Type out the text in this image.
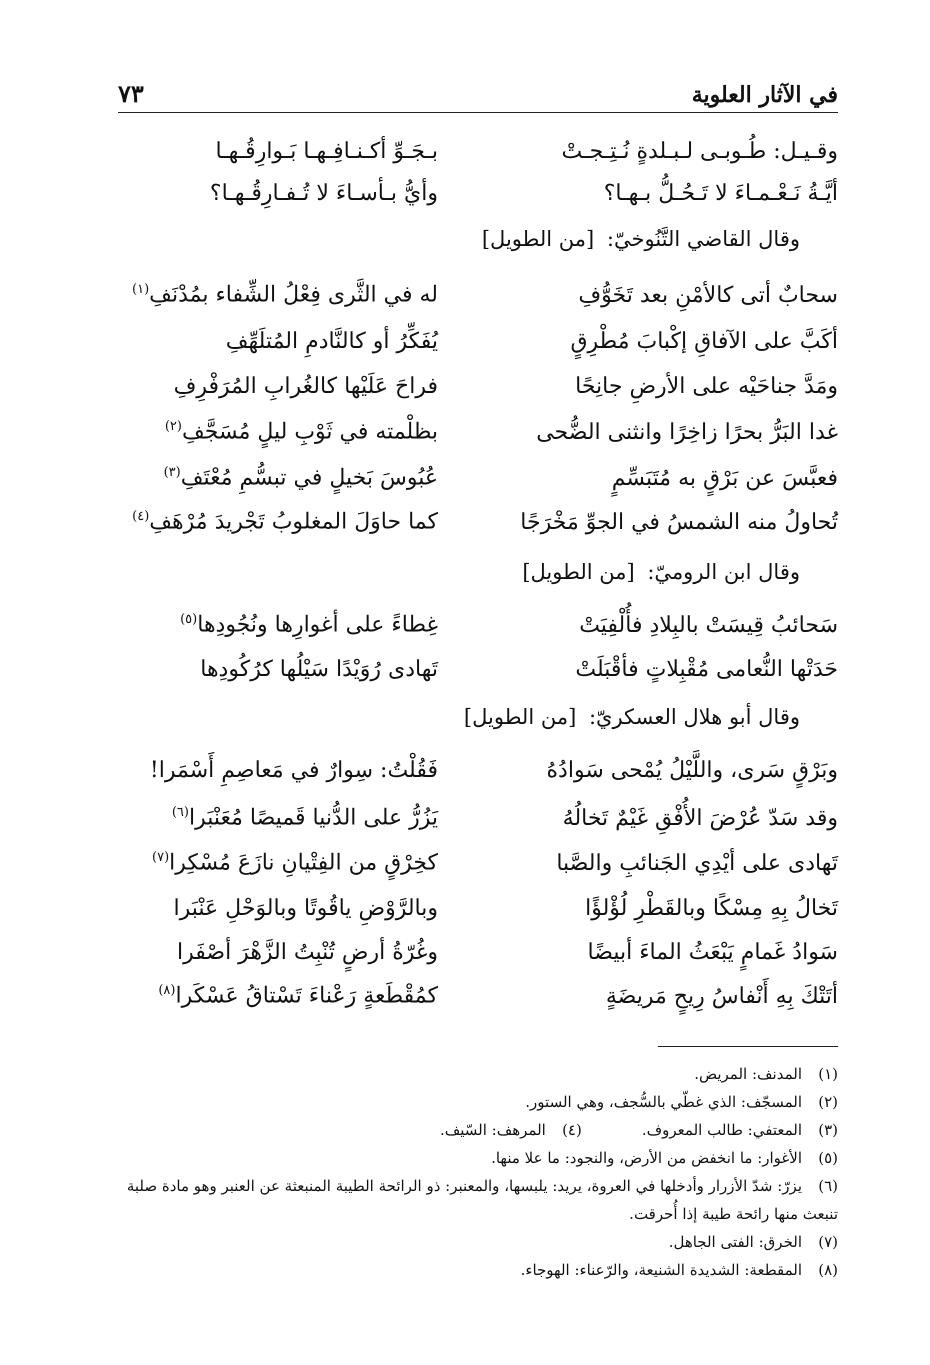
في الآثار العلوية
٧٣
وقـيـل: طُـوبـى لـبـلدةٍ نُـتِـجـتْ
بـجَـوِّ أكـنـافِـهـا بَـوارِقُـهـا
أيَّـةُ نَـعْـمـاءَ لا تَـحُـلُّ بـهـا؟
وأيُّ بـأسـاءَ لا تُـفـارِقُـهـا؟
وقال القاضي التَّنُوخيّ: [من الطويل]
سحابٌ أتى كالأمْنِ بعد تَخَوُّفِ
له في الثَّرى فِعْلُ الشِّفاء بمُدْنَفِ$^{(١)}$
أكَبَّ على الآفاقِ إكْبابَ مُطْرِقٍ
يُفَكِّرُ أو كالنَّادمِ المُتلَهِّفِ
ومَدَّ جناحَيْه على الأرضِ جانِحًا
فراحَ عَلَيْها كالغُرابِ المُرَفْرِفِ
غدا البَرُّ بحرًا زاخِرًا وانثنى الضُّحى
بظلْمته في ثَوْبِ ليلٍ مُسَجَّفِ$^{(٢)}$
فعبَّسَ عن بَرْقٍ به مُتَبَسِّمٍ
عُبُوسَ بَخيلٍ في تبسُّمِ مُعْتَفِ$^{(٣)}$
تُحاولُ منه الشمسُ في الجوِّ مَخْرَجًا
كما حاوَلَ المغلوبُ تَجْريدَ مُرْهَفِ$^{(٤)}$
وقال ابن الروميّ: [من الطويل]
سَحائبُ قِيسَتْ بالبِلادِ فأُلْفِيَتْ
غِطاءً على أغوارِها ونُجُودِها$^{(٥)}$
حَدَتْها النُّعامى مُقْبِلاتٍ فأقْبَلَتْ
تَهادى رُوَيْدًا سَيْلُها كرُكُودِها
وقال أبو هلال العسكريّ: [من الطويل]
وبَرْقٍ سَرى، واللَّيْلُ يُمْحى سَوادُهُ
فَقُلْتُ: سِوارٌ في مَعاصِمِ أَسْمَرا!
وقد سَدّ عُرْضَ الأُفْقِ غَيْمٌ تَخالُهُ
يَزُرُّ على الدُّنيا قَميصًا مُعَنْبَرا$^{(٦)}$
تَهادى على أيْدِي الجَنائبِ والصَّبا
كخِرْقٍ من الفِتْيانِ نازَعَ مُسْكِرا$^{(٧)}$
تَخالُ بِهِ مِسْكًا وبالقَطْرِ لُؤْلؤًا
وبالرَّوْضِ ياقُوتًا وبالوَحْلِ عَنْبَرا
سَوادُ غَمامٍ يَبْعَثُ الماءَ أبيضًا
وغُرّةُ أرضٍ تُنْبِتُ الزَّهْرَ أصْفَرا
أتَتْكَ بِهِ أَنْفاسُ رِيحٍ مَريضَةٍ
كمُقْطَعةٍ رَعْناءَ تَسْتاقُ عَسْكَرا$^{(٨)}$
(١)المدنف: المريض.
(٢)المسجّف: الذي غطّي بالسُّجف، وهي الستور.
(٣)المعتفي: طالب المعروف.
(٤)المرهف: السّيف.
(٥)الأغوار: ما انخفض من الأرض، والنجود: ما علا منها.
(٦)يزرّ: شدّ الأزرار وأدخلها في العروة، يريد: يلبسها، والمعنبر: ذو الرائحة الطيبة المنبعثة عن العنبر وهو مادة صلبة تنبعث منها رائحة طيبة إذا أُحرقت.
(٧)الخرق: الفتى الجاهل.
(٨)المقطعة: الشديدة الشنيعة، والرّعناء: الهوجاء.
